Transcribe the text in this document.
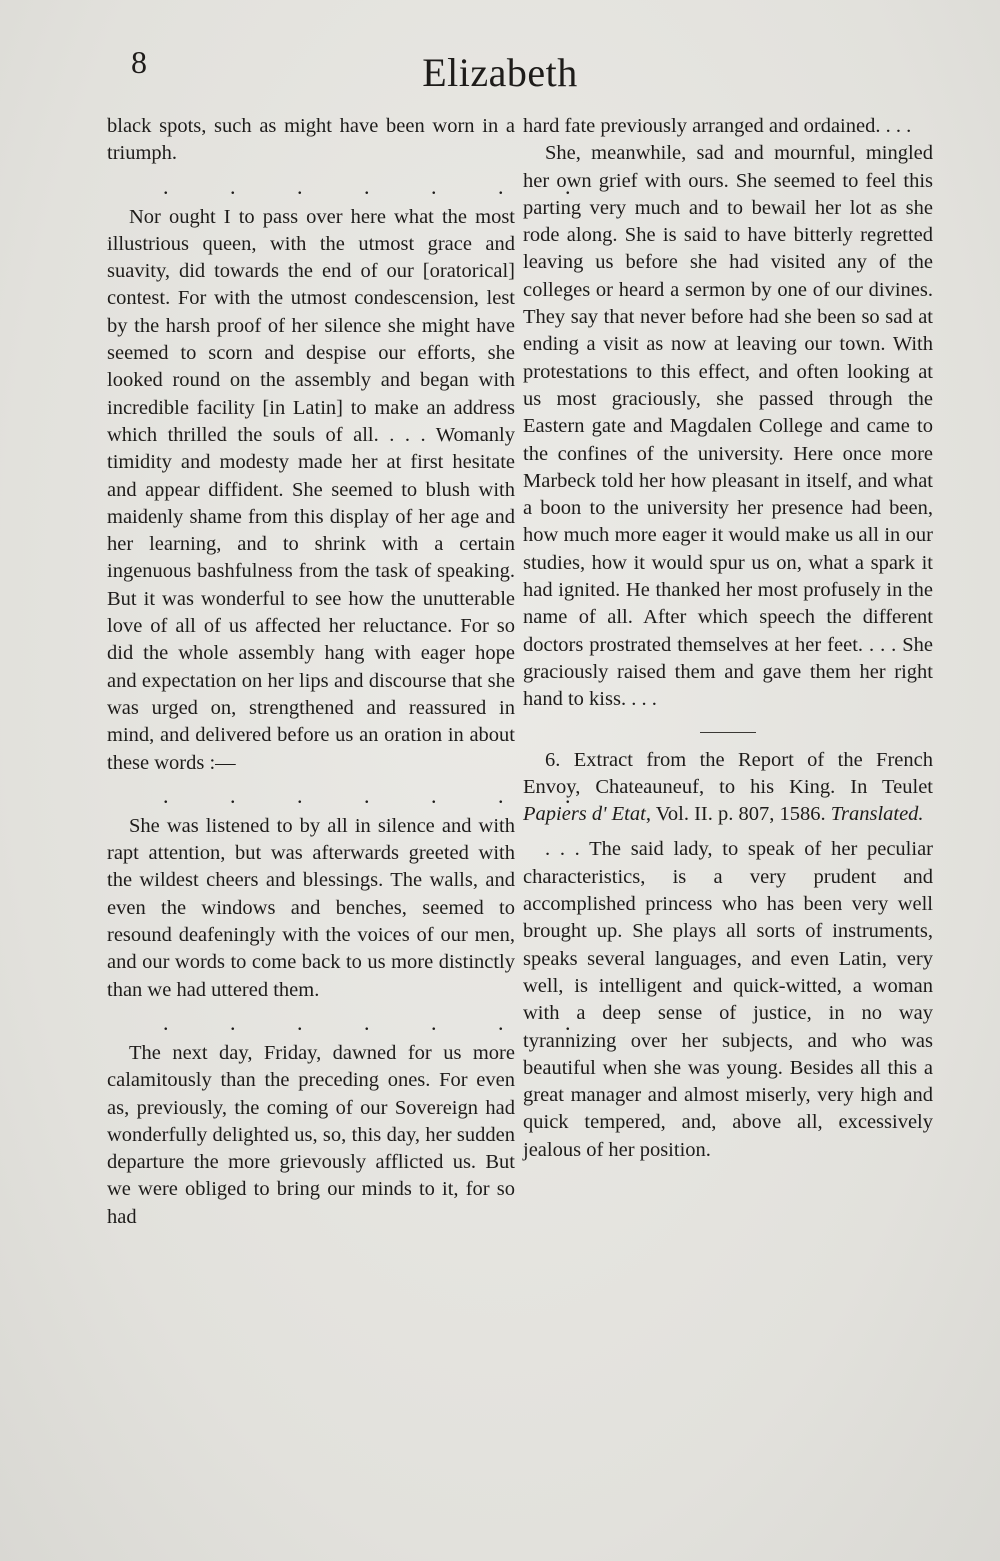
8	Elizabeth

black spots, such as might have been worn in a triumph.

. . . . . . .

Nor ought I to pass over here what the most illustrious queen, with the utmost grace and suavity, did towards the end of our [oratorical] contest. For with the utmost condescension, lest by the harsh proof of her silence she might have seemed to scorn and despise our efforts, she looked round on the assembly and began with incredible facility [in Latin] to make an address which thrilled the souls of all. . . . Womanly timidity and modesty made her at first hesitate and appear diffident. She seemed to blush with maidenly shame from this display of her age and her learning, and to shrink with a certain ingenuous bashfulness from the task of speaking. But it was wonderful to see how the unutterable love of all of us affected her reluctance. For so did the whole assembly hang with eager hope and expectation on her lips and discourse that she was urged on, strengthened and reassured in mind, and delivered before us an oration in about these words :—

. . . . . . .

She was listened to by all in silence and with rapt attention, but was afterwards greeted with the wildest cheers and blessings. The walls, and even the windows and benches, seemed to resound deafeningly with the voices of our men, and our words to come back to us more distinctly than we had uttered them.

. . . . . . .

The next day, Friday, dawned for us more calamitously than the preceding ones. For even as, previously, the coming of our Sovereign had wonderfully delighted us, so, this day, her sudden departure the more grievously afflicted us. But we were obliged to bring our minds to it, for so had

hard fate previously arranged and ordained. . . .

She, meanwhile, sad and mournful, mingled her own grief with ours. She seemed to feel this parting very much and to bewail her lot as she rode along. She is said to have bitterly regretted leaving us before she had visited any of the colleges or heard a sermon by one of our divines. They say that never before had she been so sad at ending a visit as now at leaving our town. With protestations to this effect, and often looking at us most graciously, she passed through the Eastern gate and Magdalen College and came to the confines of the university. Here once more Marbeck told her how pleasant in itself, and what a boon to the university her presence had been, how much more eager it would make us all in our studies, how it would spur us on, what a spark it had ignited. He thanked her most profusely in the name of all. After which speech the different doctors prostrated themselves at her feet. . . . She graciously raised them and gave them her right hand to kiss. . . .

6. Extract from the Report of the French Envoy, Chateauneuf, to his King. In Teulet Papiers d' Etat, Vol. II. p. 807, 1586. Translated.

. . . The said lady, to speak of her peculiar characteristics, is a very prudent and accomplished princess who has been very well brought up. She plays all sorts of instruments, speaks several languages, and even Latin, very well, is intelligent and quick-witted, a woman with a deep sense of justice, in no way tyrannizing over her subjects, and who was beautiful when she was young. Besides all this a great manager and almost miserly, very high and quick tempered, and, above all, excessively jealous of her position.
